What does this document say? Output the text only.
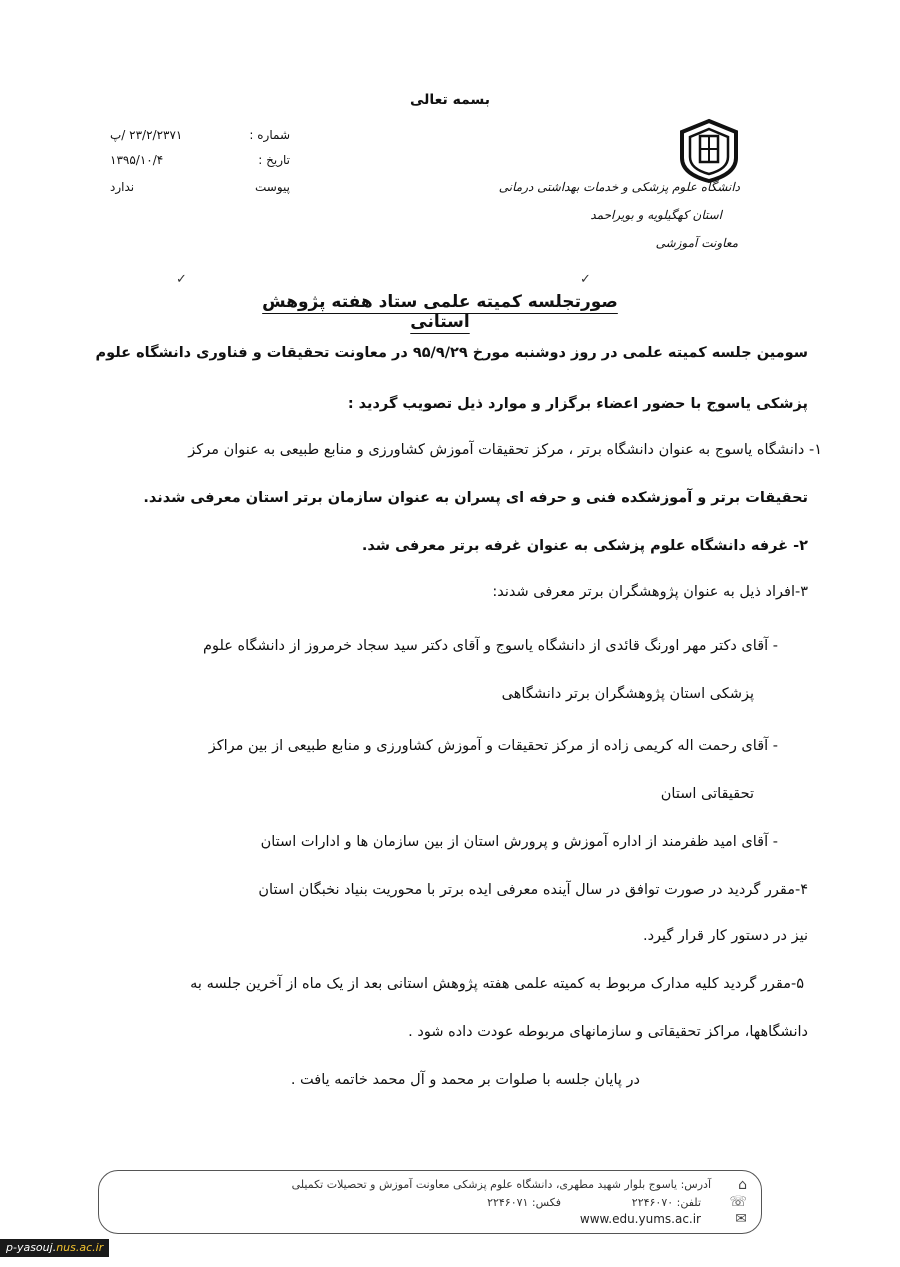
بسمه تعالی
شماره :
۲۳/۲/۲۳۷۱ /پ
تاریخ :
۱۳۹۵/۱۰/۴
پیوست
ندارد	دانشگاه علوم پزشکی و خدمات بهداشتی درمانی
استان کهگیلویه و بویراحمد
معاونت آموزشی
✓	✓
صورتجلسه کمیته علمی ستاد هفته پژوهش استانی
سومین جلسه کمیته علمی در روز دوشنبه مورخ ۹۵/۹/۲۹ در معاونت تحقیقات و فناوری دانشگاه علوم
پزشکی یاسوج با حضور اعضاء برگزار و موارد ذیل تصویب گردید :
۱- دانشگاه یاسوج به عنوان دانشگاه برتر ، مرکز تحقیقات آموزش کشاورزی و منابع طبیعی به عنوان مرکز
تحقیقات برتر و آموزشکده فنی و حرفه ای پسران به عنوان سازمان برتر استان معرفی شدند.
۲- غرفه دانشگاه علوم پزشکی به عنوان غرفه برتر معرفی شد.
۳-افراد ذیل به عنوان پژوهشگران برتر معرفی شدند:
- آقای دکتر مهر اورنگ قائدی از دانشگاه یاسوج و آقای دکتر سید سجاد خرمروز از دانشگاه علوم
پزشکی استان پژوهشگران برتر دانشگاهی
- آقای رحمت اله کریمی زاده از مرکز تحقیقات و آموزش کشاورزی و منابع طبیعی از بین مراکز
تحقیقاتی استان
- آقای امید ظفرمند از اداره آموزش و پرورش استان از بین سازمان ها و ادارات استان
۴-مقرر گردید در صورت توافق در سال آینده معرفی ایده برتر با محوریت بنیاد نخبگان استان
نیز در دستور کار قرار گیرد.
۵-مقرر گردید کلیه مدارک مربوط به کمیته علمی هفته پژوهش استانی بعد از یک ماه از آخرین جلسه به
دانشگاهها، مراکز تحقیقاتی و سازمانهای مربوطه عودت داده شود .
در پایان جلسه با صلوات بر محمد و آل محمد خاتمه یافت .
⌂
☏
✉
آدرس: یاسوج بلوار شهید مطهری، دانشگاه علوم پزشکی معاونت آموزش و تحصیلات تکمیلی
تلفن: ۲۲۴۶۰۷۰
فکس: ۲۲۴۶۰۷۱
www.edu.yums.ac.ir
p-yasouj.nus.ac.ir
